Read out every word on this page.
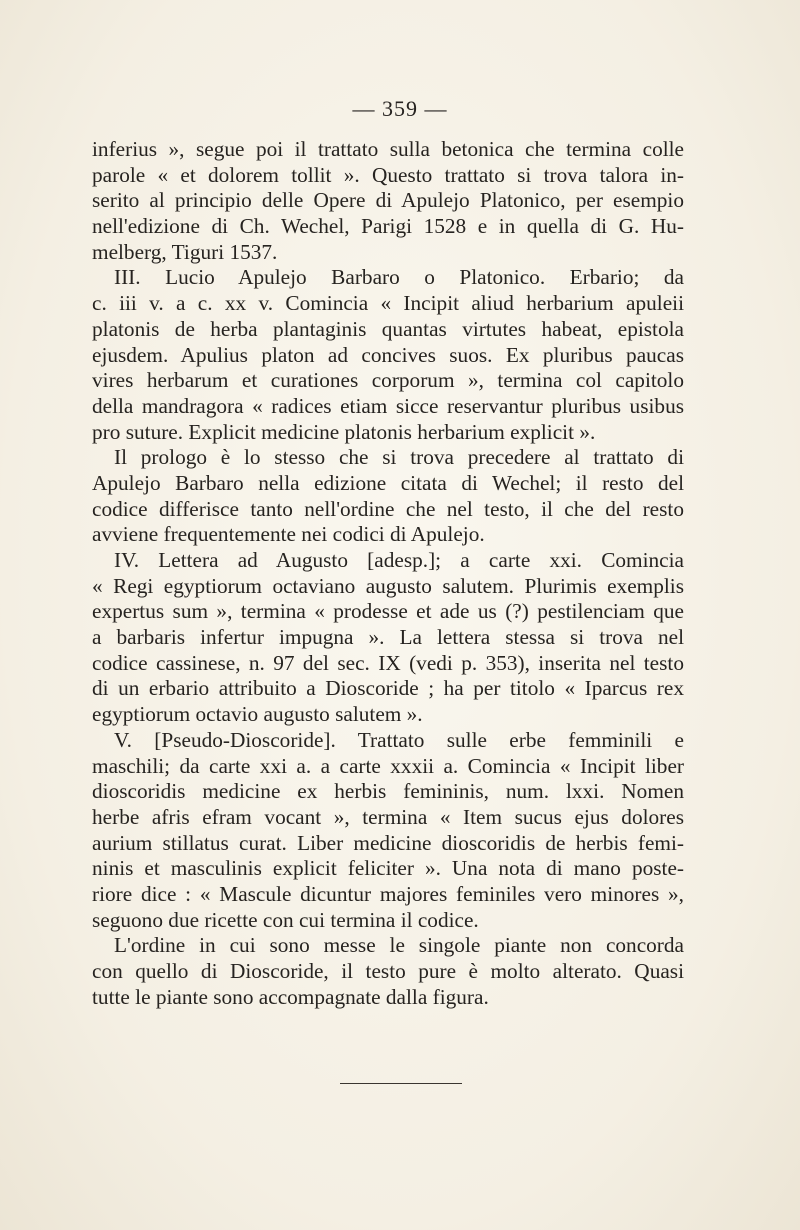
— 359 —
inferius », segue poi il trattato sulla betonica che termina colle
parole « et dolorem tollit ». Questo trattato si trova talora in-
serito al principio delle Opere di Apulejo Platonico, per esempio
nell'edizione di Ch. Wechel, Parigi 1528 e in quella di G. Hu-
melberg, Tiguri 1537.
III. Lucio Apulejo Barbaro o Platonico. Erbario; da
c. iii v. a c. xx v. Comincia « Incipit aliud herbarium apuleii
platonis de herba plantaginis quantas virtutes habeat, epistola
ejusdem. Apulius platon ad concives suos. Ex pluribus paucas
vires herbarum et curationes corporum », termina col capitolo
della mandragora « radices etiam sicce reservantur pluribus usibus
pro suture. Explicit medicine platonis herbarium explicit ».
Il prologo è lo stesso che si trova precedere al trattato di
Apulejo Barbaro nella edizione citata di Wechel; il resto del
codice differisce tanto nell'ordine che nel testo, il che del resto
avviene frequentemente nei codici di Apulejo.
IV. Lettera ad Augusto [adesp.]; a carte xxi. Comincia
« Regi egyptiorum octaviano augusto salutem. Plurimis exemplis
expertus sum », termina « prodesse et ade us (?) pestilenciam que
a barbaris infertur impugna ». La lettera stessa si trova nel
codice cassinese, n. 97 del sec. IX (vedi p. 353), inserita nel testo
di un erbario attribuito a Dioscoride ; ha per titolo « Iparcus rex
egyptiorum octavio augusto salutem ».
V. [Pseudo-Dioscoride]. Trattato sulle erbe femminili e
maschili; da carte xxi a. a carte xxxii a. Comincia « Incipit liber
dioscoridis medicine ex herbis femininis, num. lxxi. Nomen
herbe afris efram vocant », termina « Item sucus ejus dolores
aurium stillatus curat. Liber medicine dioscoridis de herbis femi-
ninis et masculinis explicit feliciter ». Una nota di mano poste-
riore dice : « Mascule dicuntur majores feminiles vero minores »,
seguono due ricette con cui termina il codice.
L'ordine in cui sono messe le singole piante non concorda
con quello di Dioscoride, il testo pure è molto alterato. Quasi
tutte le piante sono accompagnate dalla figura.
